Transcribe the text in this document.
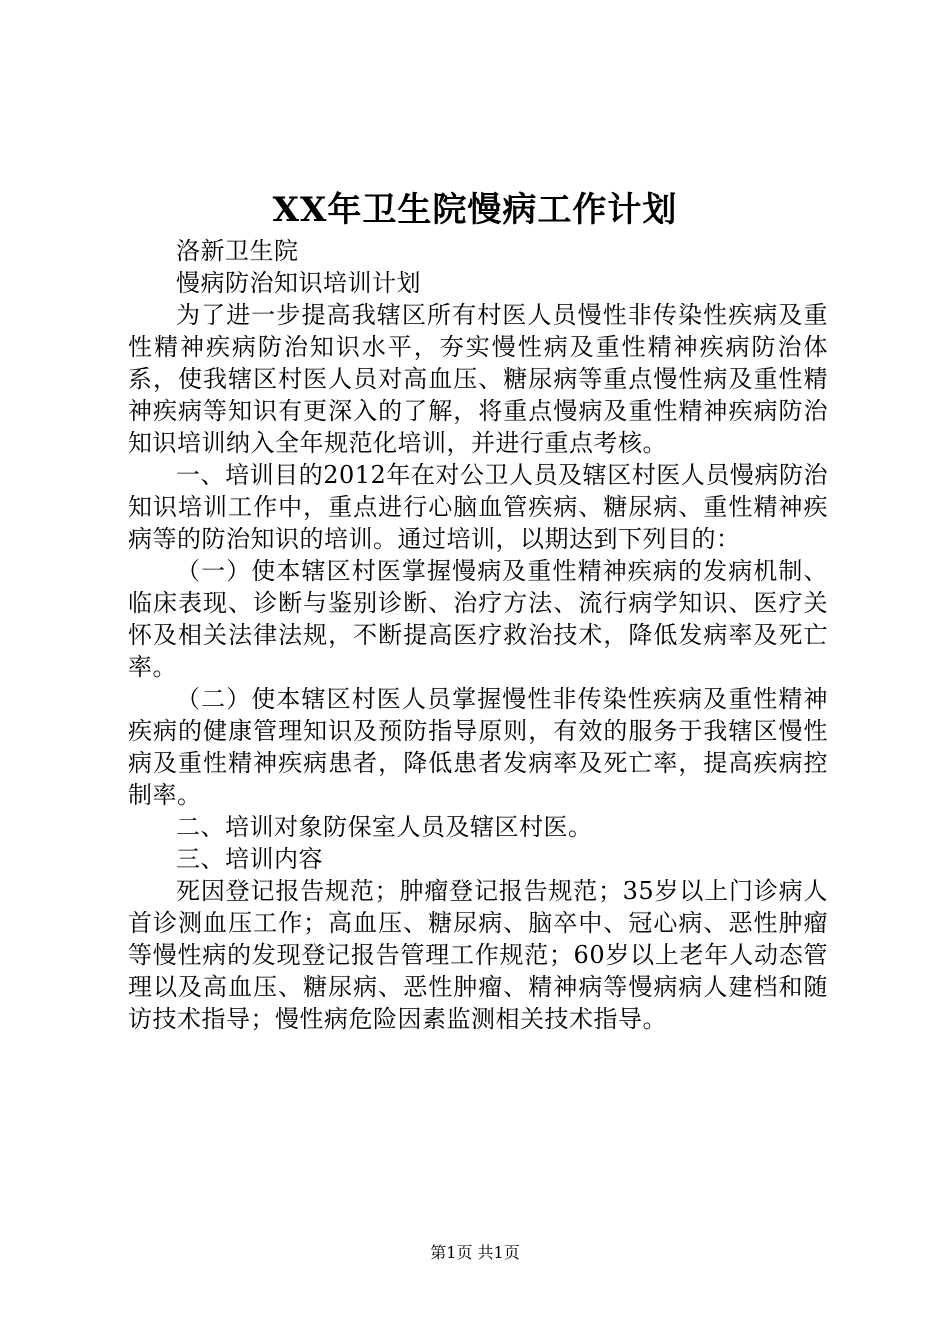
XX年卫生院慢病工作计划

洛新卫生院

慢病防治知识培训计划

为了进一步提高我辖区所有村医人员慢性非传染性疾病及重性精神疾病防治知识水平，夯实慢性病及重性精神疾病防治体系，使我辖区村医人员对高血压、糖尿病等重点慢性病及重性精神疾病等知识有更深入的了解，将重点慢病及重性精神疾病防治知识培训纳入全年规范化培训，并进行重点考核。

一、培训目的2012年在对公卫人员及辖区村医人员慢病防治知识培训工作中，重点进行心脑血管疾病、糖尿病、重性精神疾病等的防治知识的培训。通过培训，以期达到下列目的：

（一）使本辖区村医掌握慢病及重性精神疾病的发病机制、临床表现、诊断与鉴别诊断、治疗方法、流行病学知识、医疗关怀及相关法律法规，不断提高医疗救治技术，降低发病率及死亡率。

（二）使本辖区村医人员掌握慢性非传染性疾病及重性精神疾病的健康管理知识及预防指导原则，有效的服务于我辖区慢性病及重性精神疾病患者，降低患者发病率及死亡率，提高疾病控制率。

二、培训对象防保室人员及辖区村医。

三、培训内容

死因登记报告规范；肿瘤登记报告规范；35岁以上门诊病人首诊测血压工作；高血压、糖尿病、脑卒中、冠心病、恶性肿瘤等慢性病的发现登记报告管理工作规范；60岁以上老年人动态管理以及高血压、糖尿病、恶性肿瘤、精神病等慢病病人建档和随访技术指导；慢性病危险因素监测相关技术指导。

第1页 共1页
